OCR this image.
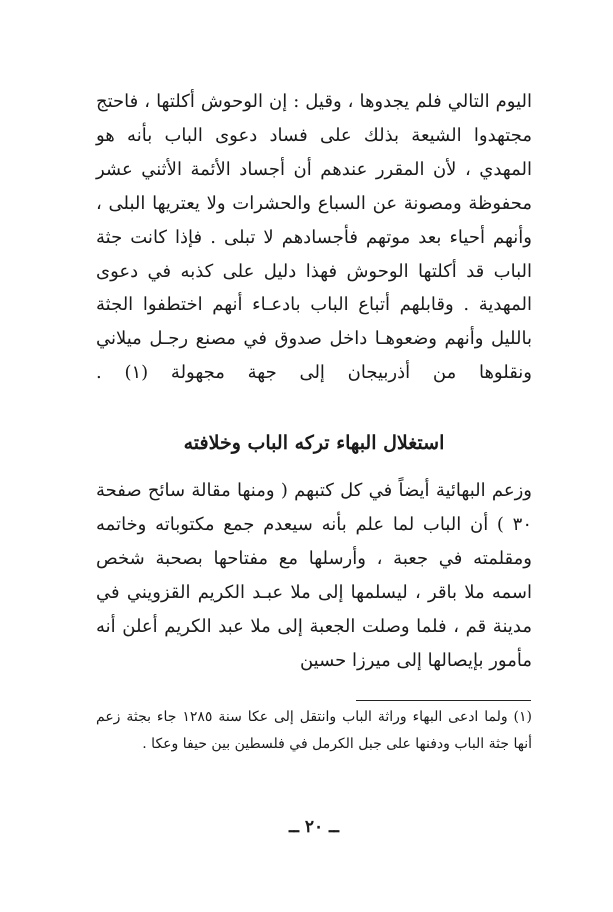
اليوم التالي فلم يجدوها ، وقيل : إن الوحوش أكلتها ، فاحتج مجتهدوا الشيعة بذلك على فساد دعوى الباب بأنه هو المهدي ، لأن المقرر عندهم أن أجساد الأئمة الأثني عشر محفوظة ومصونة عن السباع والحشرات ولا يعتريها البلى ، وأنهم أحياء بعد موتهم فأجسادهم لا تبلى . فإذا كانت جثة الباب قد أكلتها الوحوش فهذا دليل على كذبه في دعوى المهدية . وقابلهم أتباع الباب بادعـاء أنهم اختطفوا الجثة بالليل وأنهم وضعوهـا داخل صدوق في مصنع رجـل ميلاني ونقلوها من أذربيجان إلى جهة مجهولة (١) .

استغلال البهاء تركه الباب وخلافته

وزعم البهائية أيضاً في كل كتبهم ( ومنها مقالة سائح صفحة ٣٠ ) أن الباب لما علم بأنه سيعدم جمع مكتوباته وخاتمه ومقلمته في جعبة ، وأرسلها مع مفتاحها بصحبة شخص اسمه ملا باقر ، ليسلمها إلى ملا عبـد الكريم القزويني في مدينة قم ، فلما وصلت الجعبة إلى ملا عبد الكريم أعلن أنه مأمور بإيصالها إلى ميرزا حسين

(١) ولما ادعى البهاء وراثة الباب وانتقل إلى عكا سنة ١٢٨٥ جاء بجثة زعم أنها جثة الباب ودفنها على جبل الكرمل في فلسطين بين حيفا وعكا .

ــ ٢٠ ــ
